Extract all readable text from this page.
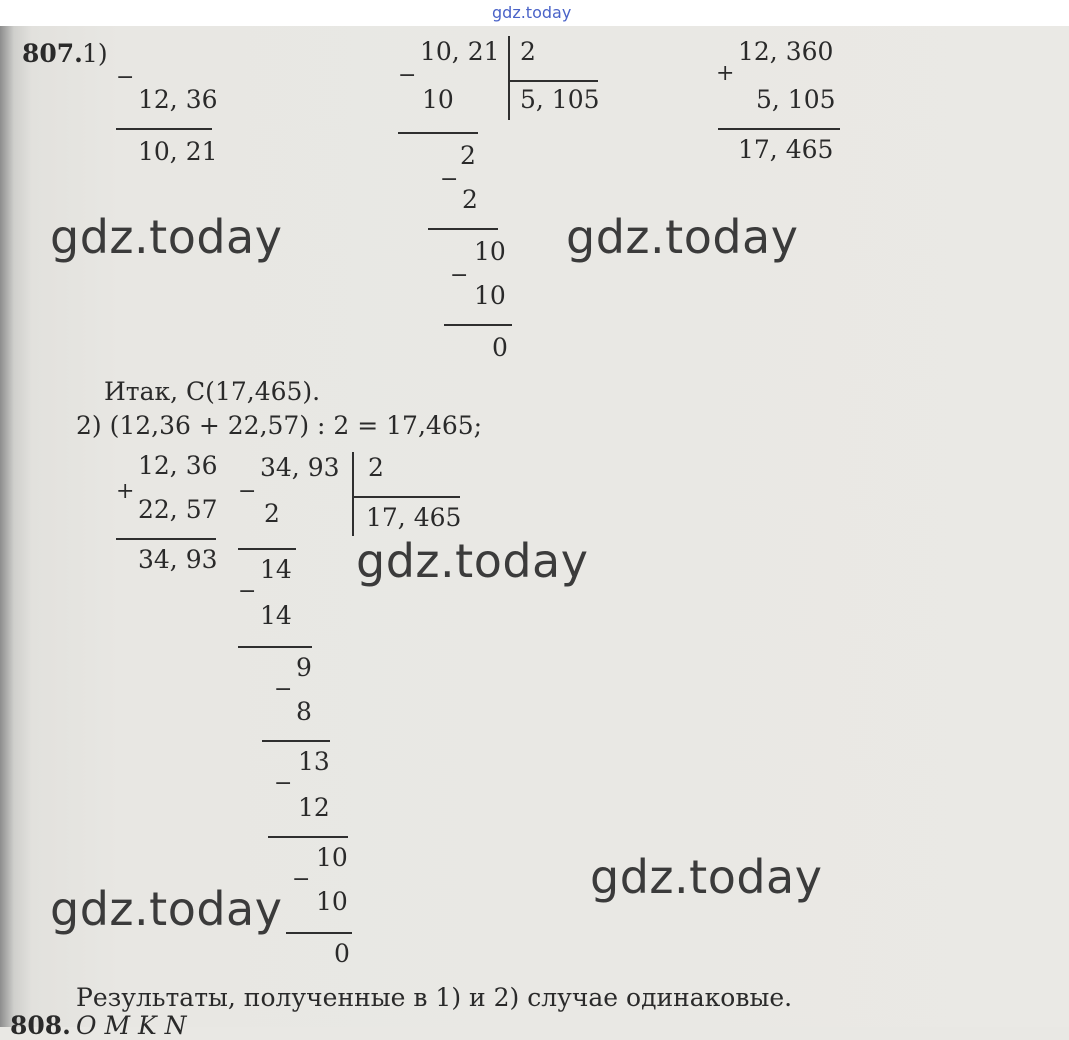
gdz.today
807. 1)
−
12, 36
10, 21
−
10, 21 2
5, 105
10
2
−
2
10
−
10
0
+
12, 360
5, 105
17, 465
Итак, C(17,465).
2) (12,36 + 22,57) : 2 = 17,465;
+
12, 36
22, 57
34, 93
−
34, 93 2
17, 465
2
14
−
14
9
−
8
13
−
12
10
−
10
0
Результаты, полученные в 1) и 2) случае одинаковые.
808. O M K N
gdz.today	gdz.today
gdz.today
gdz.today
gdz.today
